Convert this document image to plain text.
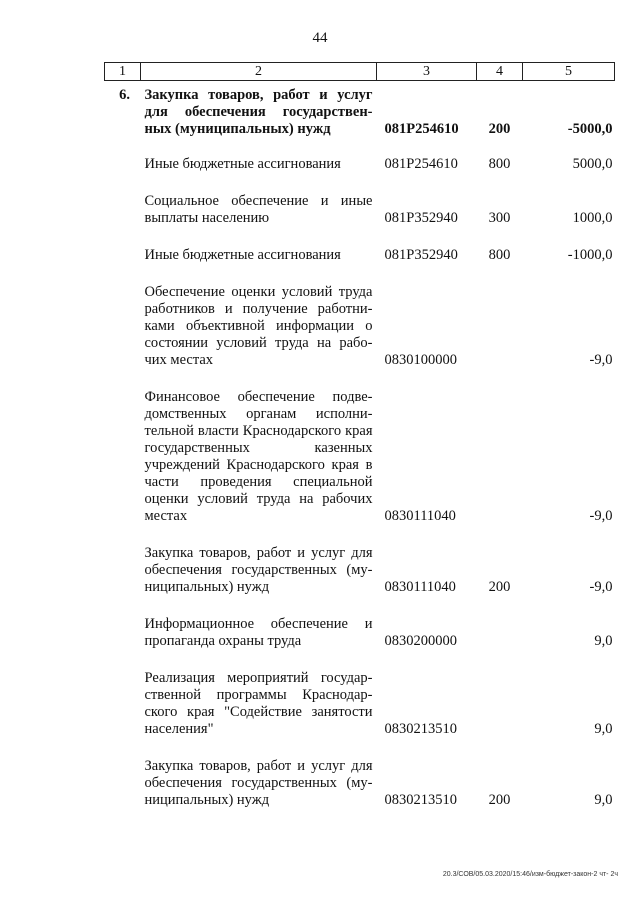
44
1	2	3	4	5

6.	Закупка товаров, работ и услуг для обеспечения государствен-ных (муниципальных) нужд	081P254610	200	-5000,0

	Иные бюджетные ассигнования	081P254610	800	5000,0

	Социальное обеспечение и иные выплаты населению	081P352940	300	1000,0

	Иные бюджетные ассигнования	081P352940	800	-1000,0

	Обеспечение оценки условий труда работников и получение работни-ками объективной информации о состоянии условий труда на рабо-чих местах	0830100000		-9,0

	Финансовое обеспечение подве-домственных органам исполни-тельной власти Краснодарского края государственных казенных учреждений Краснодарского края в части проведения специальной оценки условий труда на рабочих местах	0830111040		-9,0

	Закупка товаров, работ и услуг для обеспечения государственных (му-ниципальных) нужд	0830111040	200	-9,0

	Информационное обеспечение и пропаганда охраны труда	0830200000		9,0

	Реализация мероприятий государ-ственной программы Краснодар-ского края "Содействие занятости населения"	0830213510		9,0

	Закупка товаров, работ и услуг для обеспечения государственных (му-ниципальных) нужд	0830213510	200	9,0
20.3/СОВ/05.03.2020/15:46/изм-бюджет-закон-2 чт- 2ч
